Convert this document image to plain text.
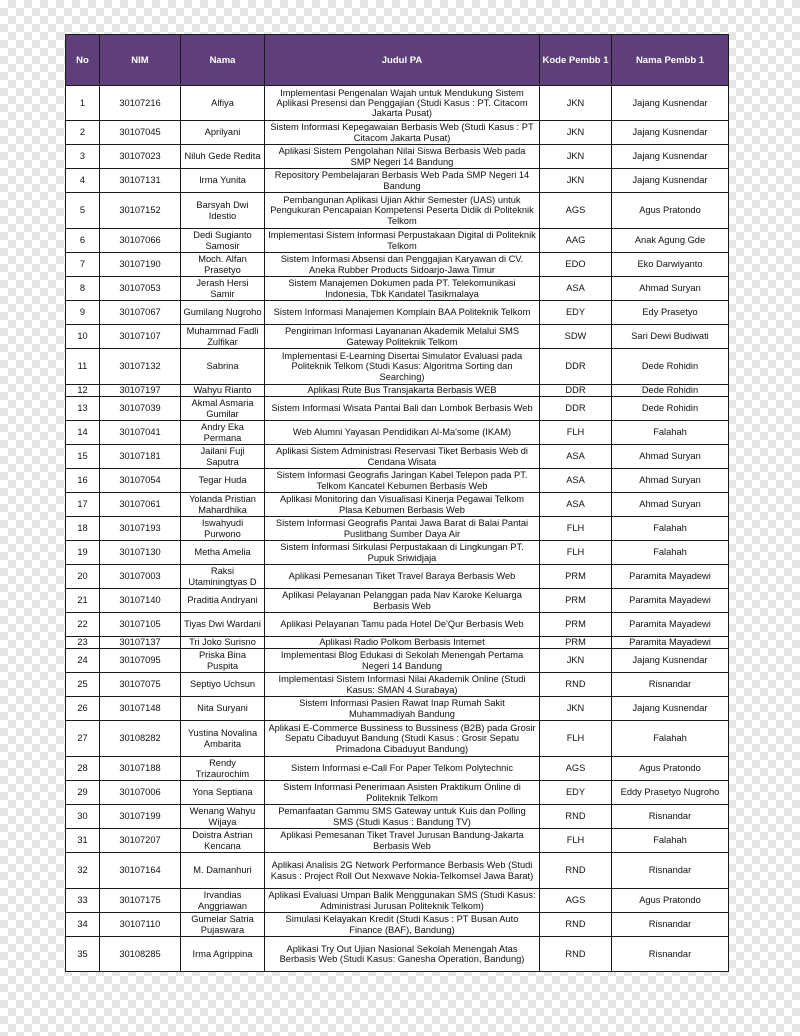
No	NIM	Nama	Judul PA	Kode Pembb 1	Nama Pembb 1
1	30107216	Alfiya	Implementasi Pengenalan Wajah untuk Mendukung Sistem Aplikasi Presensi dan Penggajian (Studi Kasus : PT. Citacom Jakarta Pusat)	JKN	Jajang Kusnendar
2	30107045	Aprilyani	Sistem Informasi Kepegawaian Berbasis Web (Studi Kasus : PT Citacom Jakarta Pusat)	JKN	Jajang Kusnendar
3	30107023	Niluh Gede Redita	Aplikasi Sistem Pengolahan Nilai Siswa Berbasis Web pada SMP Negeri 14 Bandung	JKN	Jajang Kusnendar
4	30107131	Irma Yunita	Repository Pembelajaran Berbasis Web Pada SMP Negeri 14 Bandung	JKN	Jajang Kusnendar
5	30107152	Barsyah Dwi Idestio	Pembangunan Aplikasi Ujian Akhir Semester (UAS) untuk Pengukuran Pencapaian Kompetensi Peserta Didik di Politeknik Telkom	AGS	Agus Pratondo
6	30107066	Dedi Sugianto Samosir	Implementasi Sistem Informasi Perpustakaan Digital di Politeknik Telkom	AAG	Anak Agung Gde
7	30107190	Moch. Alfan Prasetyo	Sistem Informasi Absensi dan Penggajian Karyawan di CV. Aneka Rubber Products Sidoarjo-Jawa Timur	EDO	Eko Darwiyanto
8	30107053	Jerash Hersi Samir	Sistem Manajemen Dokumen pada PT. Telekomunikasi Indonesia, Tbk Kandatel Tasikmalaya	ASA	Ahmad Suryan
9	30107067	Gumilang Nugroho	Sistem Informasi Manajemen Komplain BAA Politeknik Telkom	EDY	Edy Prasetyo
10	30107107	Muhammad Fadli Zulfikar	Pengiriman Informasi Layananan Akademik Melalui SMS Gateway Politeknik Telkom	SDW	Sari Dewi Budiwati
11	30107132	Sabrina	Implementasi E-Learning Disertai Simulator Evaluasi pada Politeknik Telkom (Studi Kasus: Algoritma Sorting dan Searching)	DDR	Dede Rohidin
12	30107197	Wahyu Rianto	Aplikasi Rute Bus Transjakarta Berbasis WEB	DDR	Dede Rohidin
13	30107039	Akmal Asmaria Gumilar	Sistem Informasi Wisata Pantai Bali dan Lombok Berbasis Web	DDR	Dede Rohidin
14	30107041	Andry Eka Permana	Web Alumni Yayasan Pendidikan Al-Ma'some (IKAM)	FLH	Falahah
15	30107181	Jailani Fuji Saputra	Aplikasi Sistem Administrasi Reservasi Tiket Berbasis Web di Cendana Wisata	ASA	Ahmad Suryan
16	30107054	Tegar Huda	Sistem Informasi Geografis Jaringan Kabel Telepon pada PT. Telkom Kancatel Kebumen Berbasis Web	ASA	Ahmad Suryan
17	30107061	Yolanda Pristian Mahardhika	Aplikasi Monitoring dan Visualisasi Kinerja Pegawai Telkom Plasa Kebumen Berbasis Web	ASA	Ahmad Suryan
18	30107193	Iswahyudi Purwono	Sistem Informasi Geografis Pantai Jawa Barat di Balai Pantai Puslitbang Sumber Daya Air	FLH	Falahah
19	30107130	Metha Amelia	Sistem Informasi Sirkulasi Perpustakaan di Lingkungan PT. Pupuk Sriwidjaja	FLH	Falahah
20	30107003	Raksi Utaminingtyas D	Aplikasi Pemesanan Tiket Travel Baraya Berbasis Web	PRM	Paramita Mayadewi
21	30107140	Praditia Andryani	Aplikasi Pelayanan Pelanggan pada Nav Karoke Keluarga Berbasis Web	PRM	Paramita Mayadewi
22	30107105	Tiyas Dwi Wardani	Aplikasi Pelayanan Tamu pada Hotel De'Qur Berbasis Web	PRM	Paramita Mayadewi
23	30107137	Tri Joko Surisno	Aplikasi Radio Polkom Berbasis Internet	PRM	Paramita Mayadewi
24	30107095	Priska Bina Puspita	Implementasi Blog Edukasi di Sekolah Menengah Pertama Negeri 14 Bandung	JKN	Jajang Kusnendar
25	30107075	Septiyo Uchsun	Implementasi Sistem Informasi Nilai Akademik Online (Studi Kasus: SMAN 4 Surabaya)	RND	Risnandar
26	30107148	Nita Suryani	Sistem Informasi Pasien Rawat Inap Rumah Sakit Muhammadiyah Bandung	JKN	Jajang Kusnendar
27	30108282	Yustina Novalina Ambarita	Aplikasi E-Commerce Bussiness to Bussiness (B2B) pada Grosir Sepatu Cibaduyut Bandung (Studi Kasus : Grosir Sepatu Primadona Cibaduyut Bandung)	FLH	Falahah
28	30107188	Rendy Trizaurochim	Sistem Informasi e-Call For Paper Telkom Polytechnic	AGS	Agus Pratondo
29	30107006	Yona Septiana	Sistem Informasi Penerimaan Asisten Praktikum Online di Politeknik Telkom	EDY	Eddy Prasetyo Nugroho
30	30107199	Wenang Wahyu Wijaya	Pemanfaatan Gammu SMS Gateway untuk Kuis dan Polling SMS (Studi Kasus : Bandung TV)	RND	Risnandar
31	30107207	Doistra Astrian Kencana	Aplikasi Pemesanan Tiket Travel Jurusan Bandung-Jakarta Berbasis Web	FLH	Falahah
32	30107164	M. Damanhuri	Aplikasi Analisis 2G Network Performance Berbasis Web (Studi Kasus : Project Roll Out Nexwave Nokia-Telkomsel Jawa Barat)	RND	Risnandar
33	30107175	Irvandias Anggriawan	Aplikasi Evaluasi Umpan Balik Menggunakan SMS (Studi Kasus: Administrasi Jurusan Politeknik Telkom)	AGS	Agus Pratondo
34	30107110	Gumelar Satria Pujaswara	Simulasi Kelayakan Kredit (Studi Kasus : PT Busan Auto Finance (BAF), Bandung)	RND	Risnandar
35	30108285	Irma Agrippina	Aplikasi Try Out Ujian Nasional Sekolah Menengah Atas Berbasis Web (Studi Kasus: Ganesha Operation, Bandung)	RND	Risnandar
